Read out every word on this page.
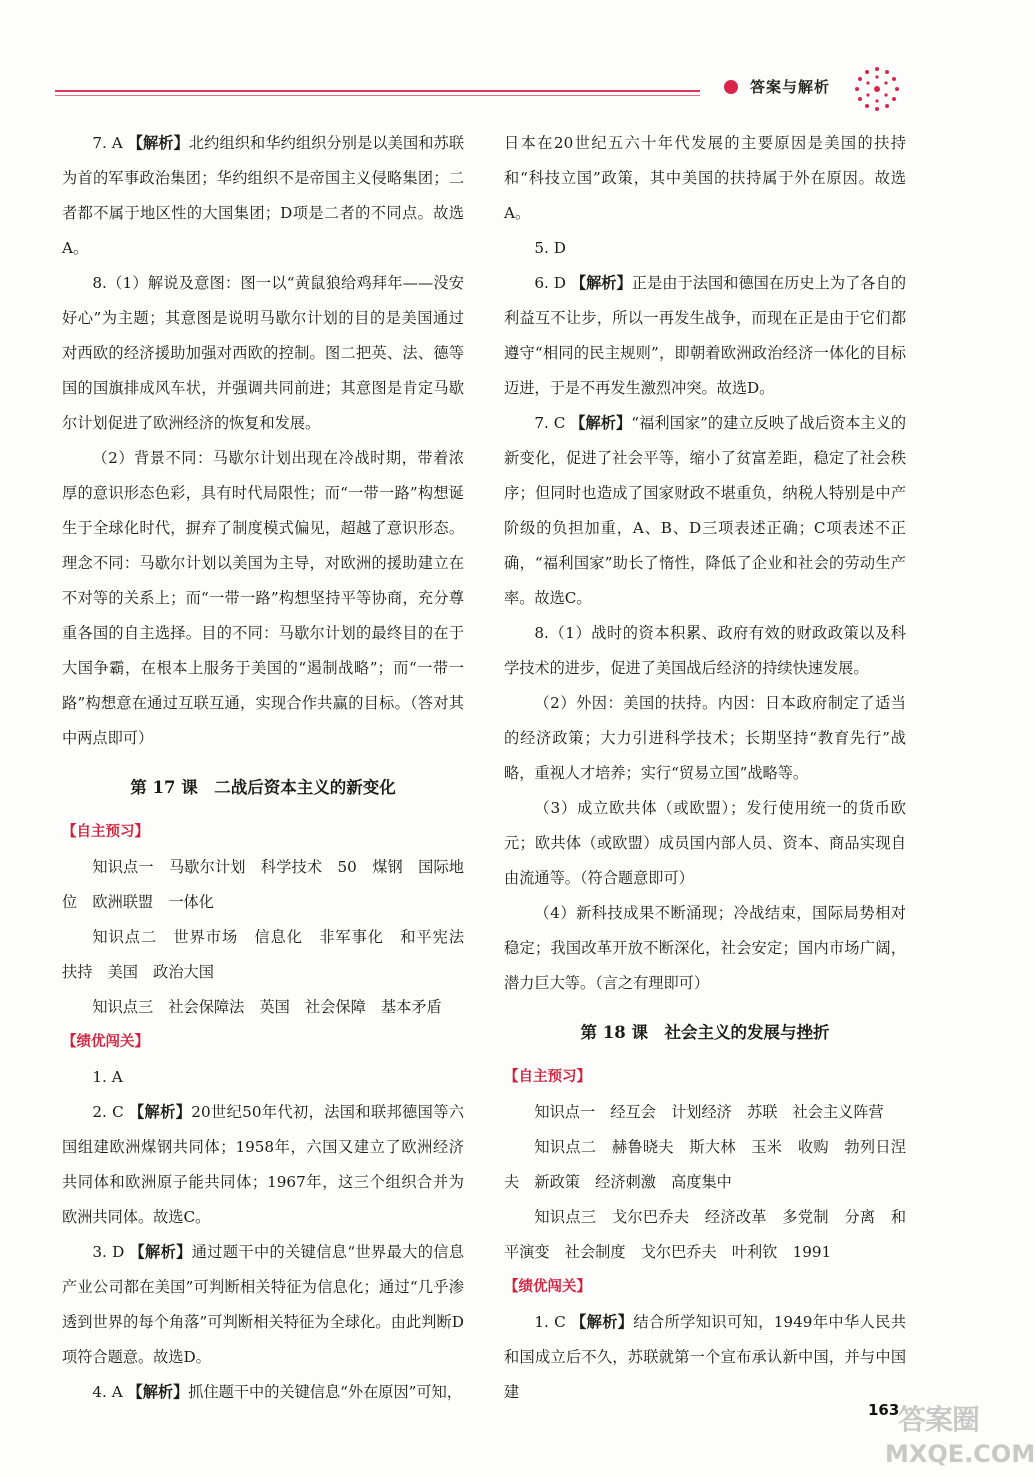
答案与解析

7. A 【解析】北约组织和华约组织分别是以美国和苏联为首的军事政治集团；华约组织不是帝国主义侵略集团；二者都不属于地区性的大国集团；D项是二者的不同点。故选A。

8.（1）解说及意图：图一以“黄鼠狼给鸡拜年——没安好心”为主题；其意图是说明马歇尔计划的目的是美国通过对西欧的经济援助加强对西欧的控制。图二把英、法、德等国的国旗排成风车状，并强调共同前进；其意图是肯定马歇尔计划促进了欧洲经济的恢复和发展。

（2）背景不同：马歇尔计划出现在冷战时期，带着浓厚的意识形态色彩，具有时代局限性；而“一带一路”构想诞生于全球化时代，摒弃了制度模式偏见，超越了意识形态。理念不同：马歇尔计划以美国为主导，对欧洲的援助建立在不对等的关系上；而“一带一路”构想坚持平等协商，充分尊重各国的自主选择。目的不同：马歇尔计划的最终目的在于大国争霸，在根本上服务于美国的“遏制战略”；而“一带一路”构想意在通过互联互通，实现合作共赢的目标。（答对其中两点即可）

第 17 课　二战后资本主义的新变化
【自主预习】

知识点一　马歇尔计划　科学技术　50　煤钢　国际地位　欧洲联盟　一体化

知识点二　世界市场　信息化　非军事化　和平宪法　扶持　美国　政治大国

知识点三　社会保障法　英国　社会保障　基本矛盾

【绩优闯关】

1. A

2. C 【解析】20世纪50年代初，法国和联邦德国等六国组建欧洲煤钢共同体；1958年，六国又建立了欧洲经济共同体和欧洲原子能共同体；1967年，这三个组织合并为欧洲共同体。故选C。

3. D 【解析】通过题干中的关键信息“世界最大的信息产业公司都在美国”可判断相关特征为信息化；通过“几乎渗透到世界的每个角落”可判断相关特征为全球化。由此判断D项符合题意。故选D。

4. A 【解析】抓住题干中的关键信息“外在原因”可知，

日本在20世纪五六十年代发展的主要原因是美国的扶持和“科技立国”政策，其中美国的扶持属于外在原因。故选A。

5. D

6. D 【解析】正是由于法国和德国在历史上为了各自的利益互不让步，所以一再发生战争，而现在正是由于它们都遵守“相同的民主规则”，即朝着欧洲政治经济一体化的目标迈进，于是不再发生激烈冲突。故选D。

7. C 【解析】“福利国家”的建立反映了战后资本主义的新变化，促进了社会平等，缩小了贫富差距，稳定了社会秩序；但同时也造成了国家财政不堪重负，纳税人特别是中产阶级的负担加重，A、B、D三项表述正确；C项表述不正确，“福利国家”助长了惰性，降低了企业和社会的劳动生产率。故选C。

8.（1）战时的资本积累、政府有效的财政政策以及科学技术的进步，促进了美国战后经济的持续快速发展。

（2）外因：美国的扶持。内因：日本政府制定了适当的经济政策；大力引进科学技术；长期坚持“教育先行”战略，重视人才培养；实行“贸易立国”战略等。

（3）成立欧共体（或欧盟）；发行使用统一的货币欧元；欧共体（或欧盟）成员国内部人员、资本、商品实现自由流通等。（符合题意即可）

（4）新科技成果不断涌现；冷战结束，国际局势相对稳定；我国改革开放不断深化，社会安定；国内市场广阔，潜力巨大等。（言之有理即可）

第 18 课　社会主义的发展与挫折
【自主预习】

知识点一　经互会　计划经济　苏联　社会主义阵营

知识点二　赫鲁晓夫　斯大林　玉米　收购　勃列日涅夫　新政策　经济刺激　高度集中

知识点三　戈尔巴乔夫　经济改革　多党制　分离　和平演变　社会制度　戈尔巴乔夫　叶利钦　1991

【绩优闯关】

1. C 【解析】结合所学知识可知，1949年中华人民共和国成立后不久，苏联就第一个宣布承认新中国，并与中国建

163
答案圈
MXQE.COM
